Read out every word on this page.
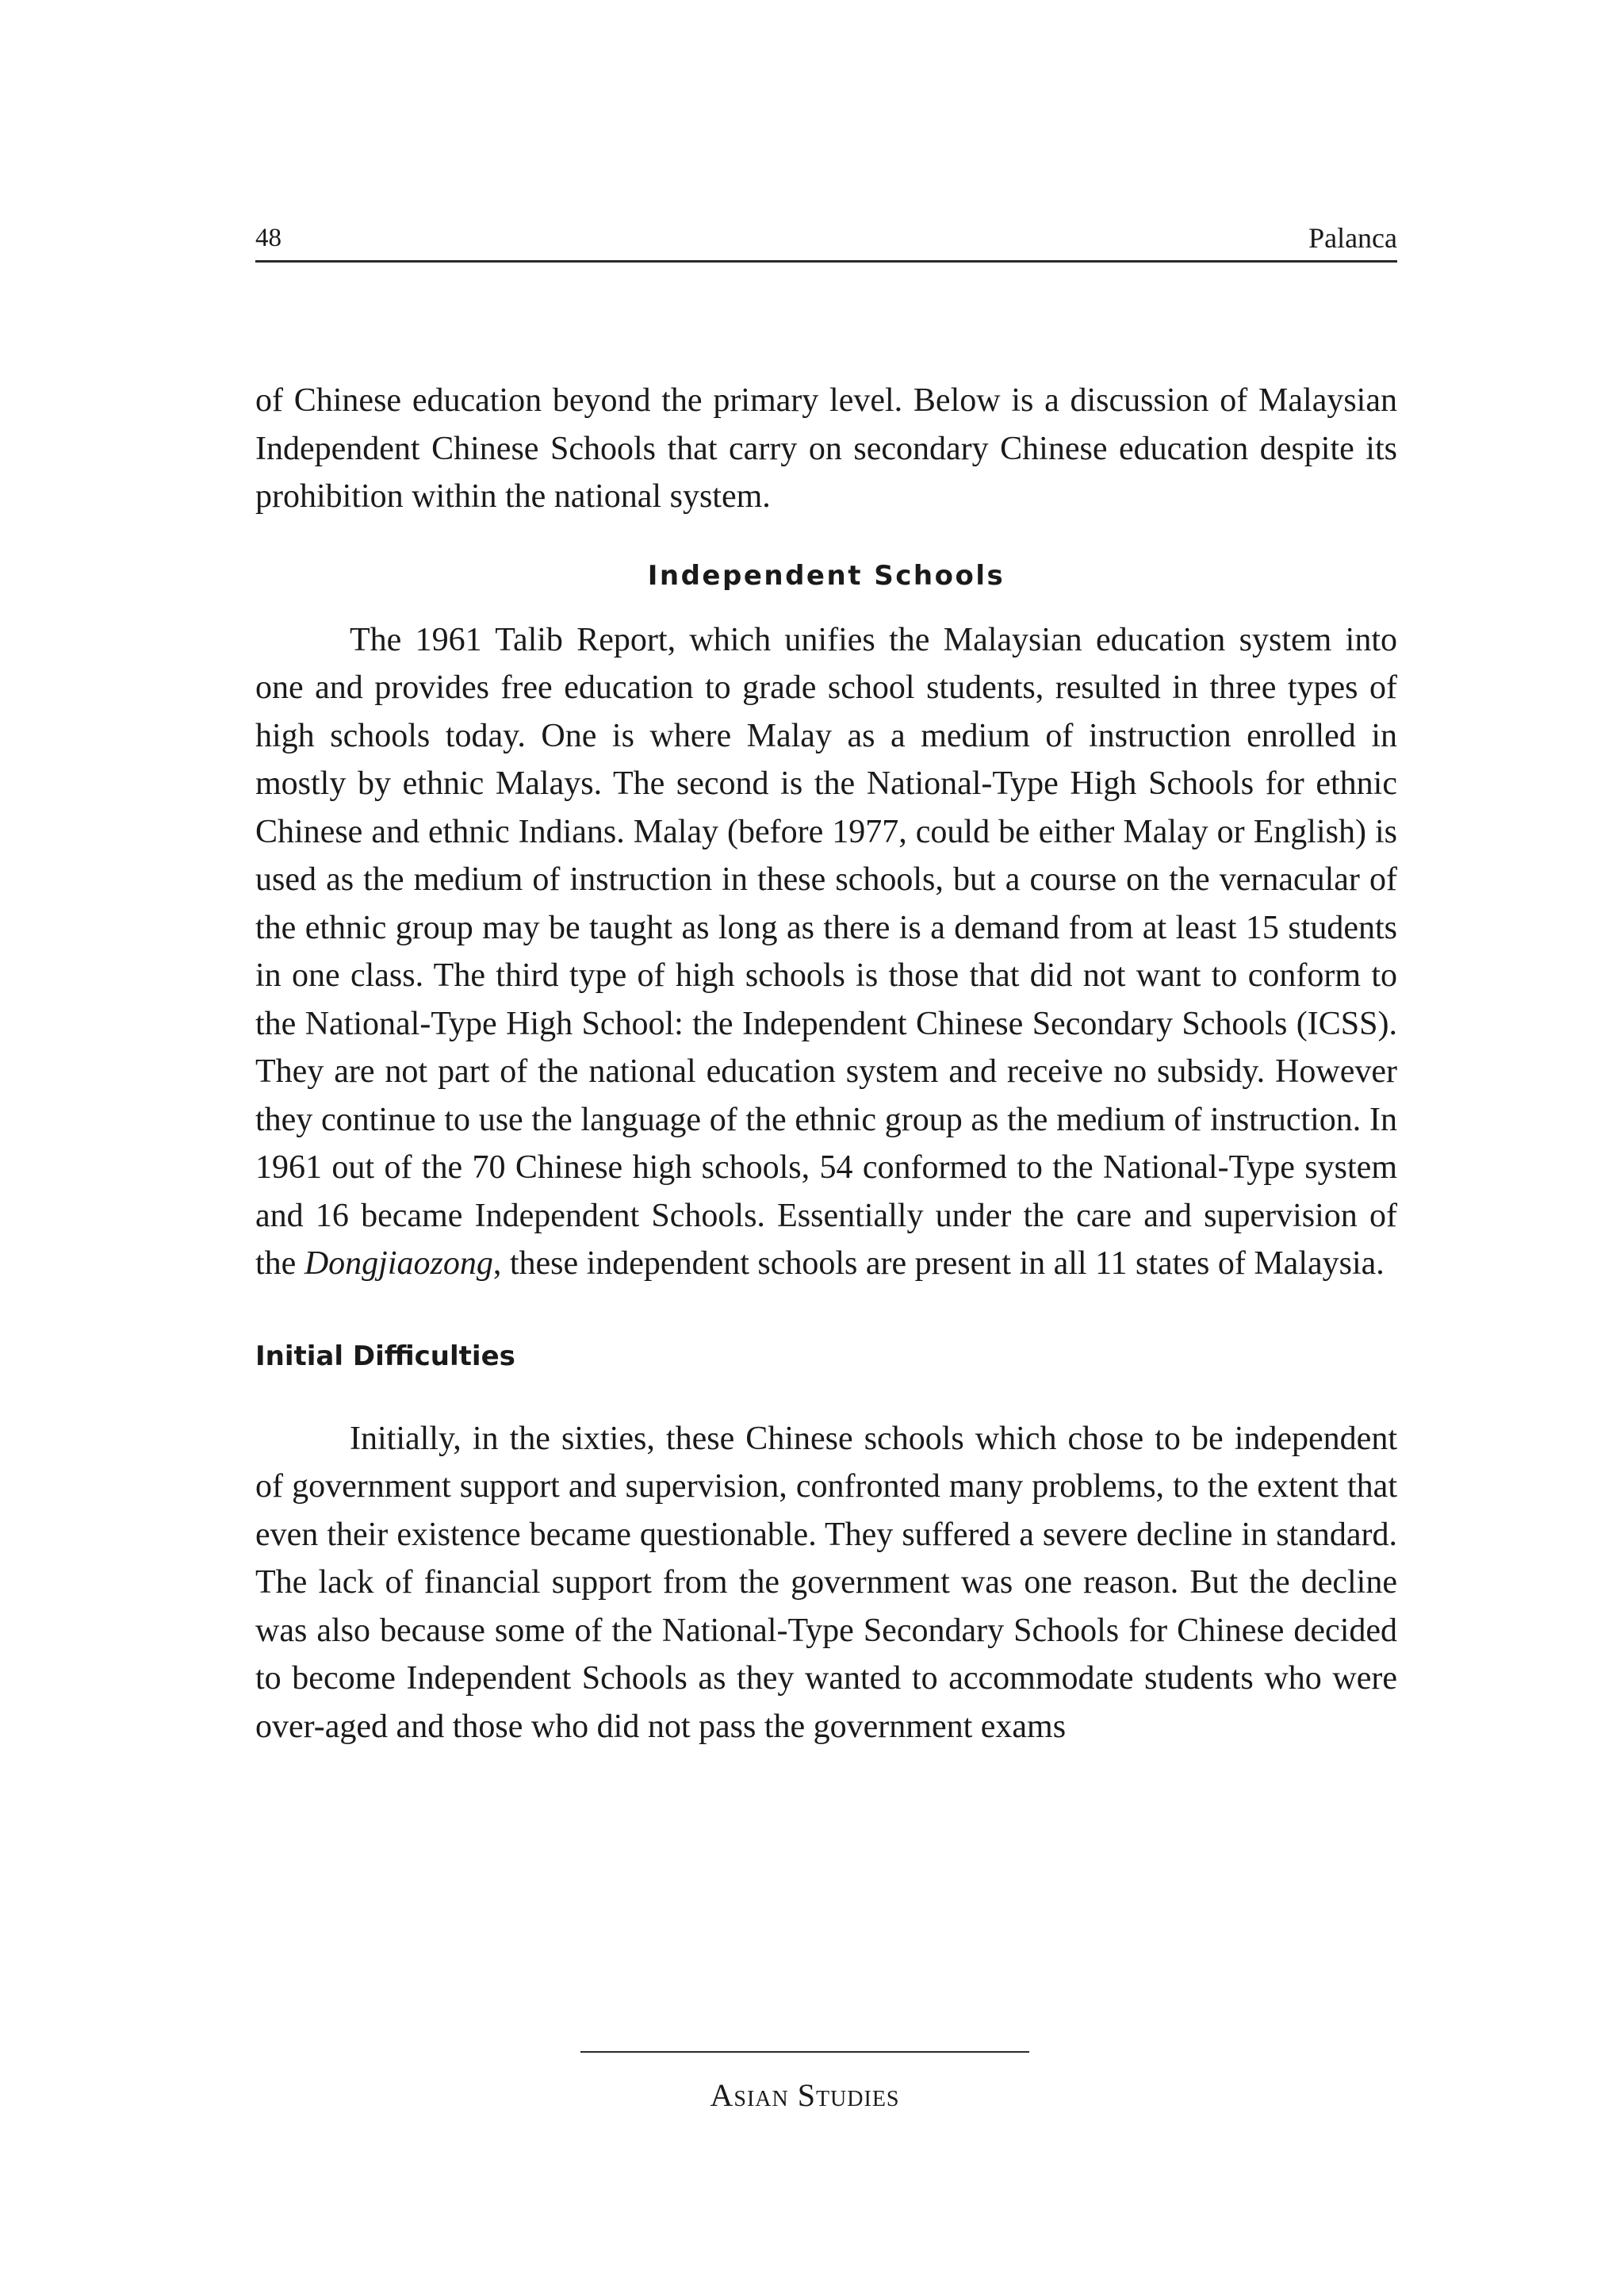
48	Palanca

of Chinese education beyond the primary level. Below is a discussion of Malaysian Independent Chinese Schools that carry on secondary Chinese education despite its prohibition within the national system.

Independent Schools

The 1961 Talib Report, which unifies the Malaysian education system into one and provides free education to grade school students, resulted in three types of high schools today. One is where Malay as a medium of instruction enrolled in mostly by ethnic Malays. The second is the National-Type High Schools for ethnic Chinese and ethnic Indians. Malay (before 1977, could be either Malay or English) is used as the medium of instruction in these schools, but a course on the vernacular of the ethnic group may be taught as long as there is a demand from at least 15 students in one class. The third type of high schools is those that did not want to conform to the National-Type High School: the Independent Chinese Secondary Schools (ICSS). They are not part of the national education system and receive no subsidy. However they continue to use the language of the ethnic group as the medium of instruction. In 1961 out of the 70 Chinese high schools, 54 conformed to the National-Type system and 16 became Independent Schools. Essentially under the care and supervision of the Dongjiaozong, these independent schools are present in all 11 states of Malaysia.

Initial Difficulties

Initially, in the sixties, these Chinese schools which chose to be independent of government support and supervision, confronted many problems, to the extent that even their existence became questionable. They suffered a severe decline in standard. The lack of financial support from the government was one reason. But the decline was also because some of the National-Type Secondary Schools for Chinese decided to become Independent Schools as they wanted to accommodate students who were over-aged and those who did not pass the government exams

Asian Studies
